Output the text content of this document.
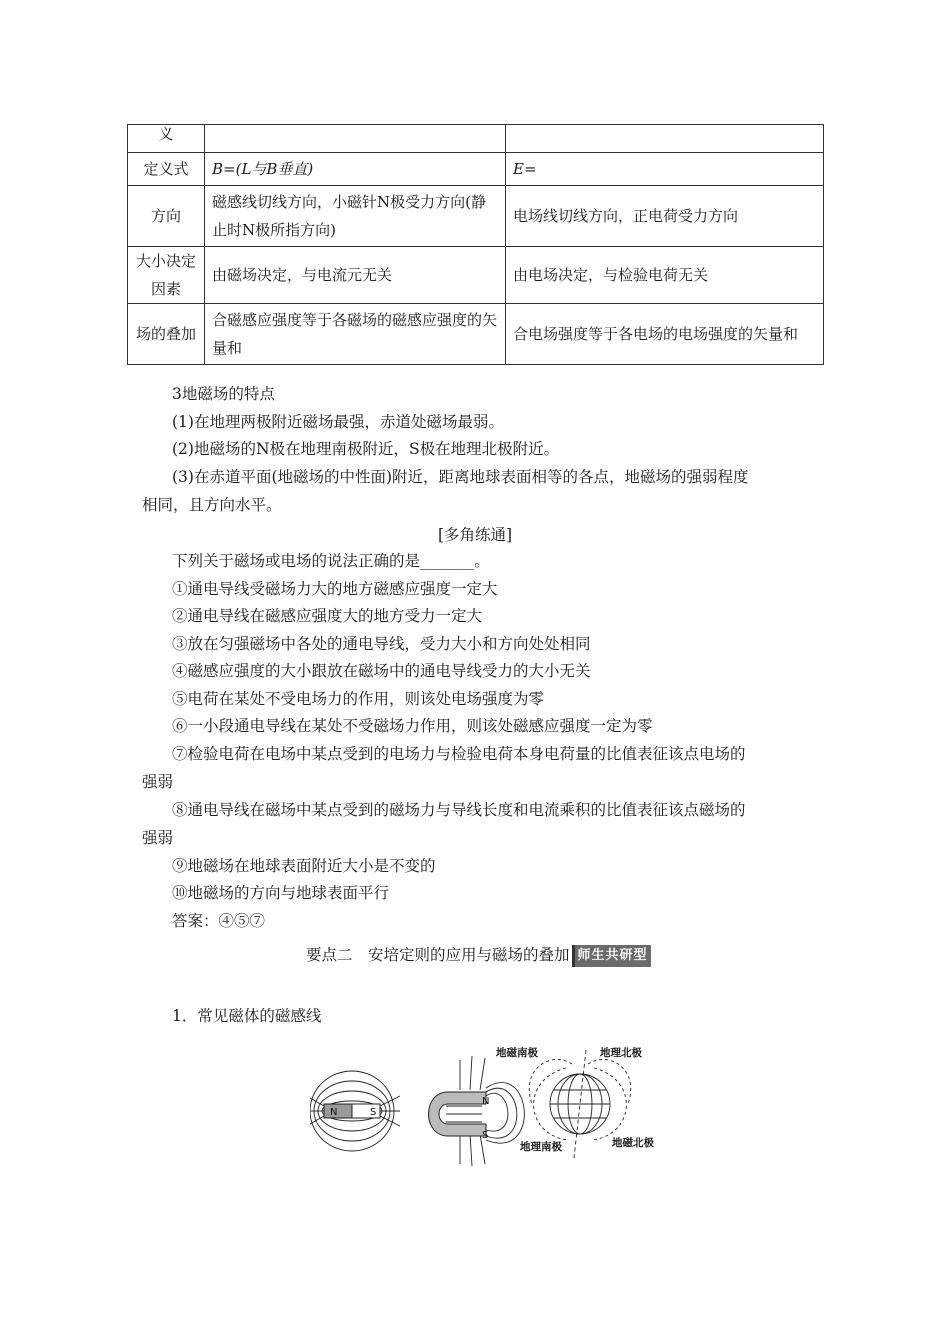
义		
定义式	B=(L与B垂直)	E=
方向	磁感线切线方向，小磁针N极受力方向(静止时N极所指方向)	电场线切线方向，正电荷受力方向
大小决定因素	由磁场决定，与电流元无关	由电场决定，与检验电荷无关
场的叠加	合磁感应强度等于各磁场的磁感应强度的矢量和	合电场强度等于各电场的电场强度的矢量和
3地磁场的特点
(1)在地理两极附近磁场最强，赤道处磁场最弱。
(2)地磁场的N极在地理南极附近，S极在地理北极附近。
(3)在赤道平面(地磁场的中性面)附近，距离地球表面相等的各点，地磁场的强弱程度
相同，且方向水平。
[多角练通]
下列关于磁场或电场的说法正确的是_______。
①通电导线受磁场力大的地方磁感应强度一定大
②通电导线在磁感应强度大的地方受力一定大
③放在匀强磁场中各处的通电导线，受力大小和方向处处相同
④磁感应强度的大小跟放在磁场中的通电导线受力的大小无关
⑤电荷在某处不受电场力的作用，则该处电场强度为零
⑥一小段通电导线在某处不受磁场力作用，则该处磁感应强度一定为零
⑦检验电荷在电场中某点受到的电场力与检验电荷本身电荷量的比值表征该点电场的
强弱
⑧通电导线在磁场中某点受到的磁场力与导线长度和电流乘积的比值表征该点磁场的
强弱
⑨地磁场在地球表面附近大小是不变的
⑩地磁场的方向与地球表面平行
答案：④⑤⑦
要点二　安培定则的应用与磁场的叠加 师生共研型
1．常见磁体的磁感线
N	S
N
S
地磁南极	地理北极
地理南极	地磁北极
